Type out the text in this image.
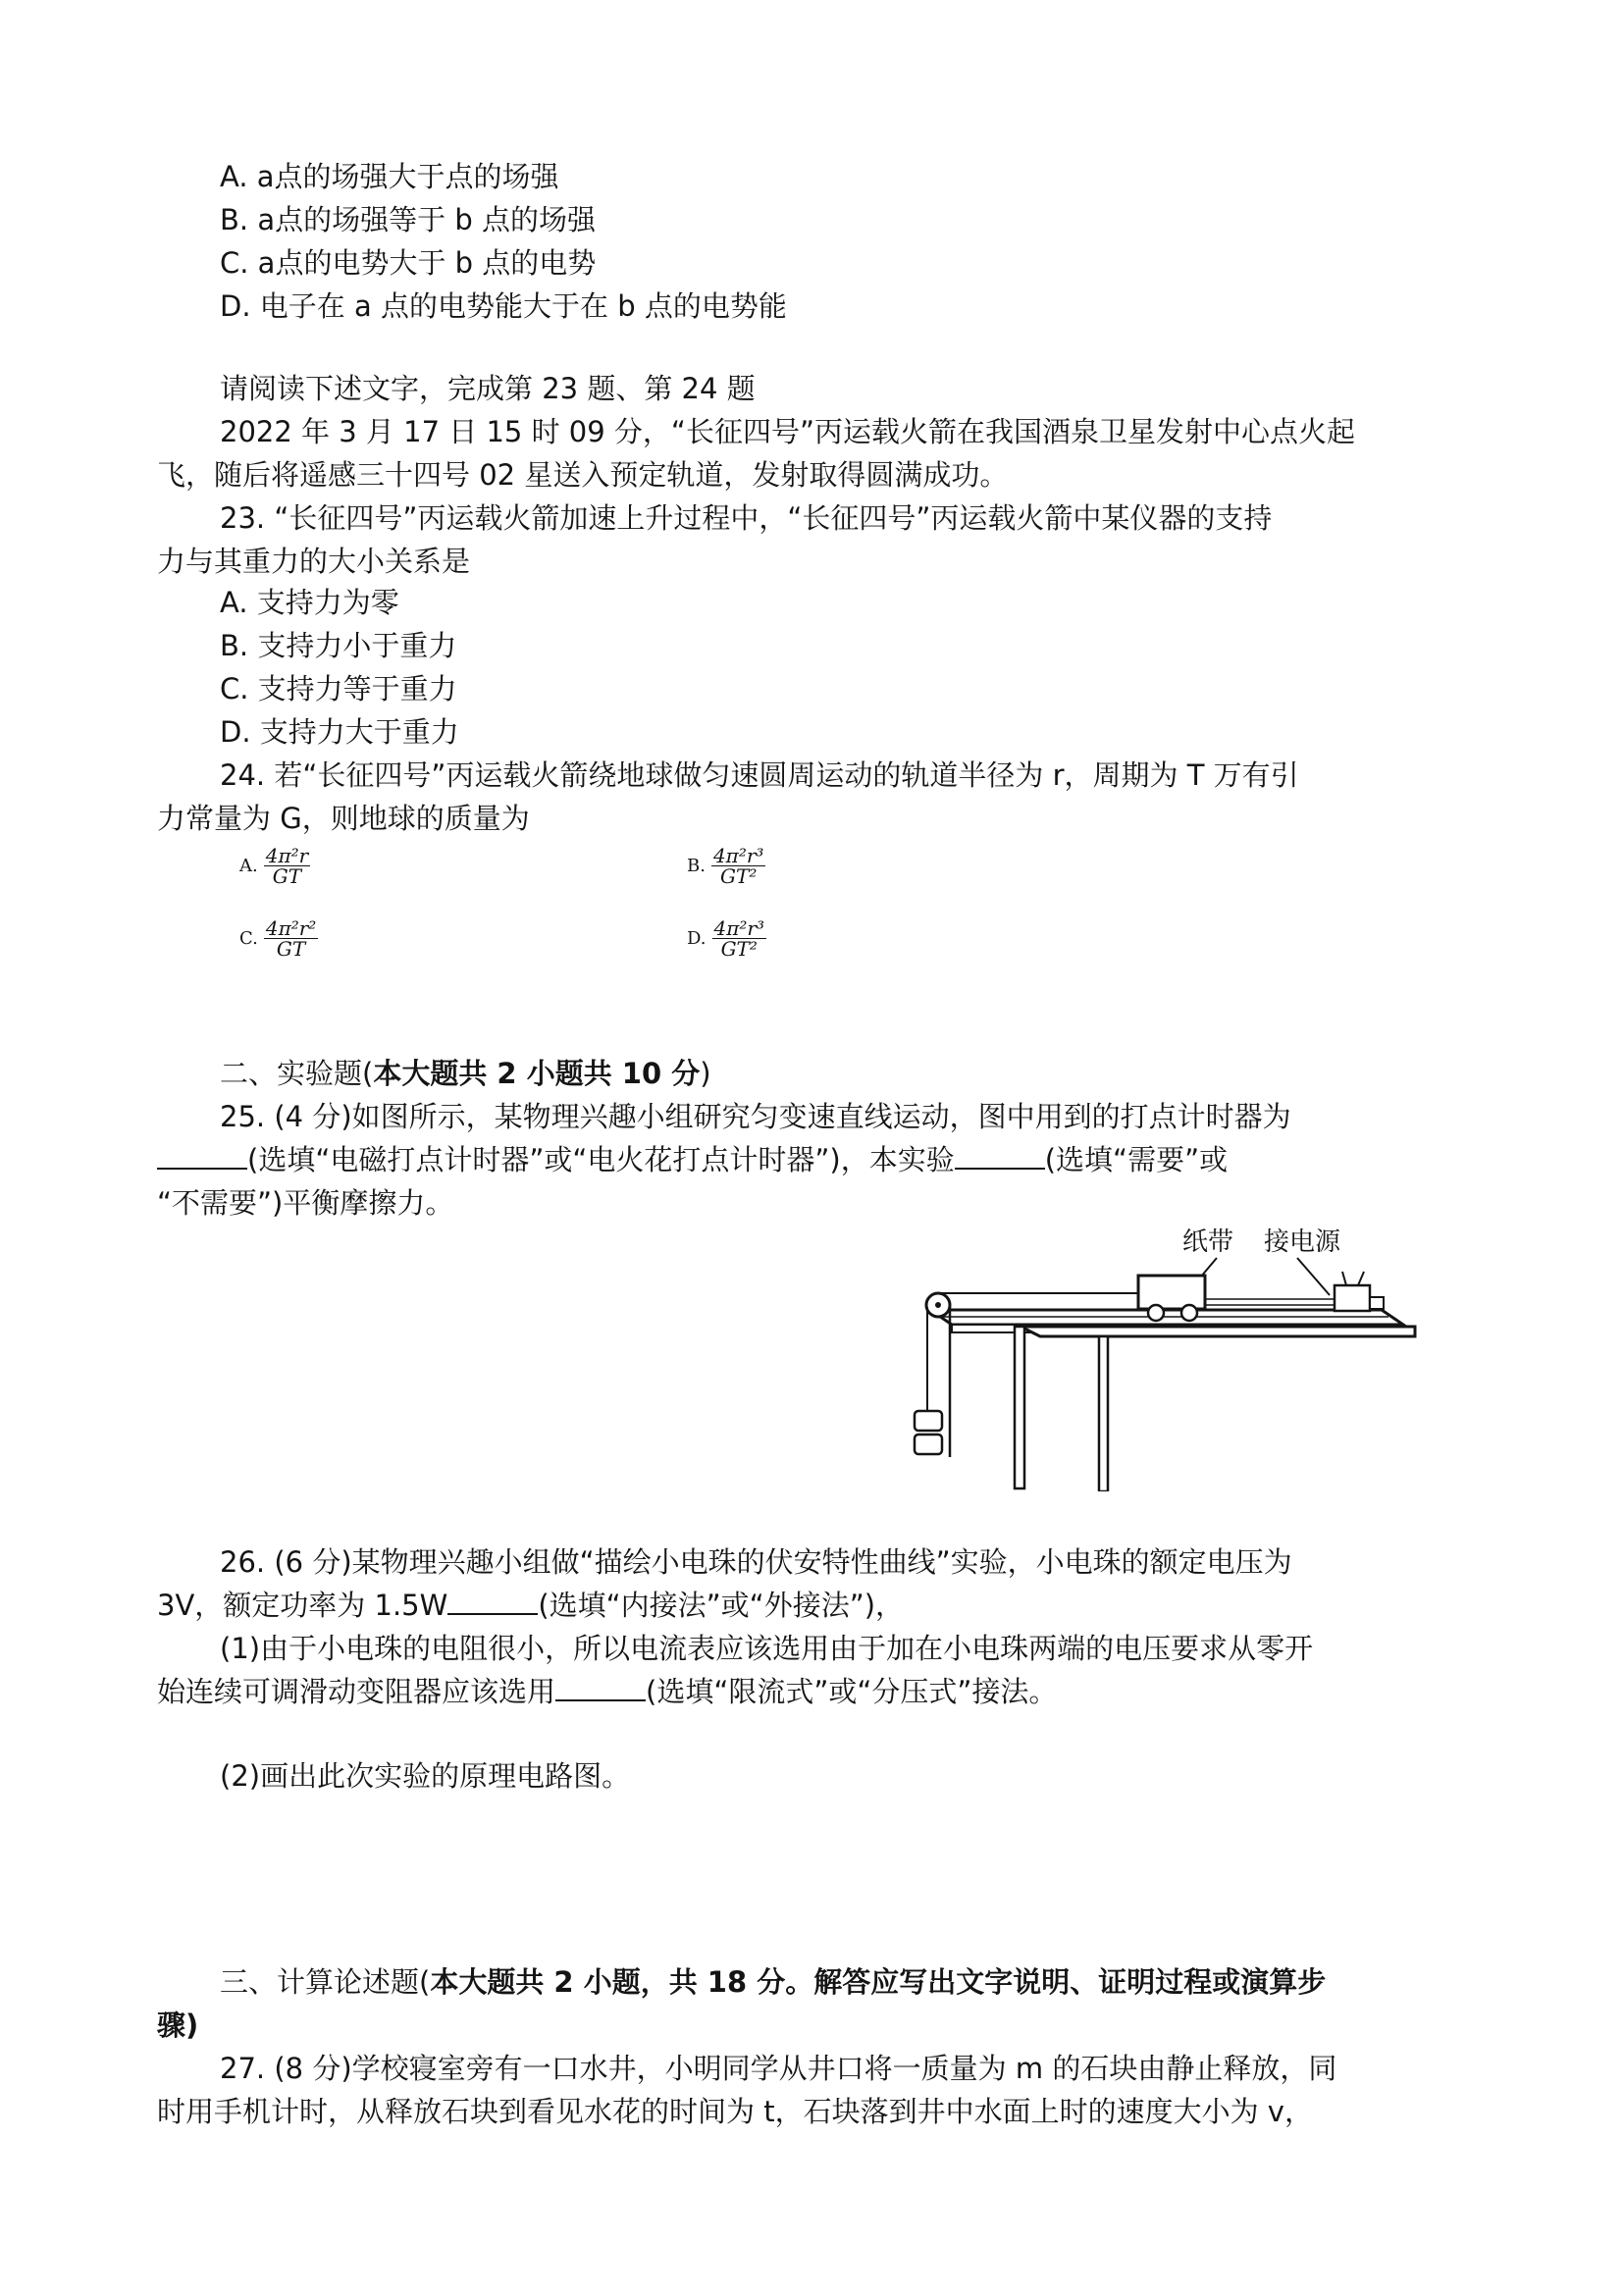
A. a点的场强大于点的场强
B. a点的场强等于 b 点的场强
C. a点的电势大于 b 点的电势
D. 电子在 a 点的电势能大于在 b 点的电势能
请阅读下述文字，完成第 23 题、第 24 题
2022 年 3 月 17 日 15 时 09 分，“长征四号”丙运载火箭在我国酒泉卫星发射中心点火起
飞，随后将遥感三十四号 02 星送入预定轨道，发射取得圆满成功。
23. “长征四号”丙运载火箭加速上升过程中，“长征四号”丙运载火箭中某仪器的支持
力与其重力的大小关系是
A. 支持力为零
B. 支持力小于重力
C. 支持力等于重力
D. 支持力大于重力
24. 若“长征四号”丙运载火箭绕地球做匀速圆周运动的轨道半径为 r，周期为 T 万有引
力常量为 G，则地球的质量为
A. $\frac{\text{4π²r}}{GT}$	B. $\frac{\text{4π²r³}}{\text{GT²}}$
C. $\frac{\text{4π²r²}}{GT}$	D. $\frac{\text{4π²r³}}{\text{GT²}}$
二、实验题(本大题共 2 小题共 10 分)
25. (4 分)如图所示，某物理兴趣小组研究匀变速直线运动，图中用到的打点计时器为
(选填“电磁打点计时器”或“电火花打点计时器”)，本实验	(选填“需要”或
“不需要”)平衡摩擦力。
纸带 接电源
26. (6 分)某物理兴趣小组做“描绘小电珠的伏安特性曲线”实验，小电珠的额定电压为
3V，额定功率为 1.5W	(选填“内接法”或“外接法”)，
(1)由于小电珠的电阻很小，所以电流表应该选用由于加在小电珠两端的电压要求从零开
始连续可调滑动变阻器应该选用	(选填“限流式”或“分压式”接法。
(2)画出此次实验的原理电路图。
三、计算论述题(本大题共 2 小题，共 18 分。解答应写出文字说明、证明过程或演算步
骤)
27. (8 分)学校寝室旁有一口水井，小明同学从井口将一质量为 m 的石块由静止释放，同
时用手机计时，从释放石块到看见水花的时间为 t，石块落到井中水面上时的速度大小为 v，
